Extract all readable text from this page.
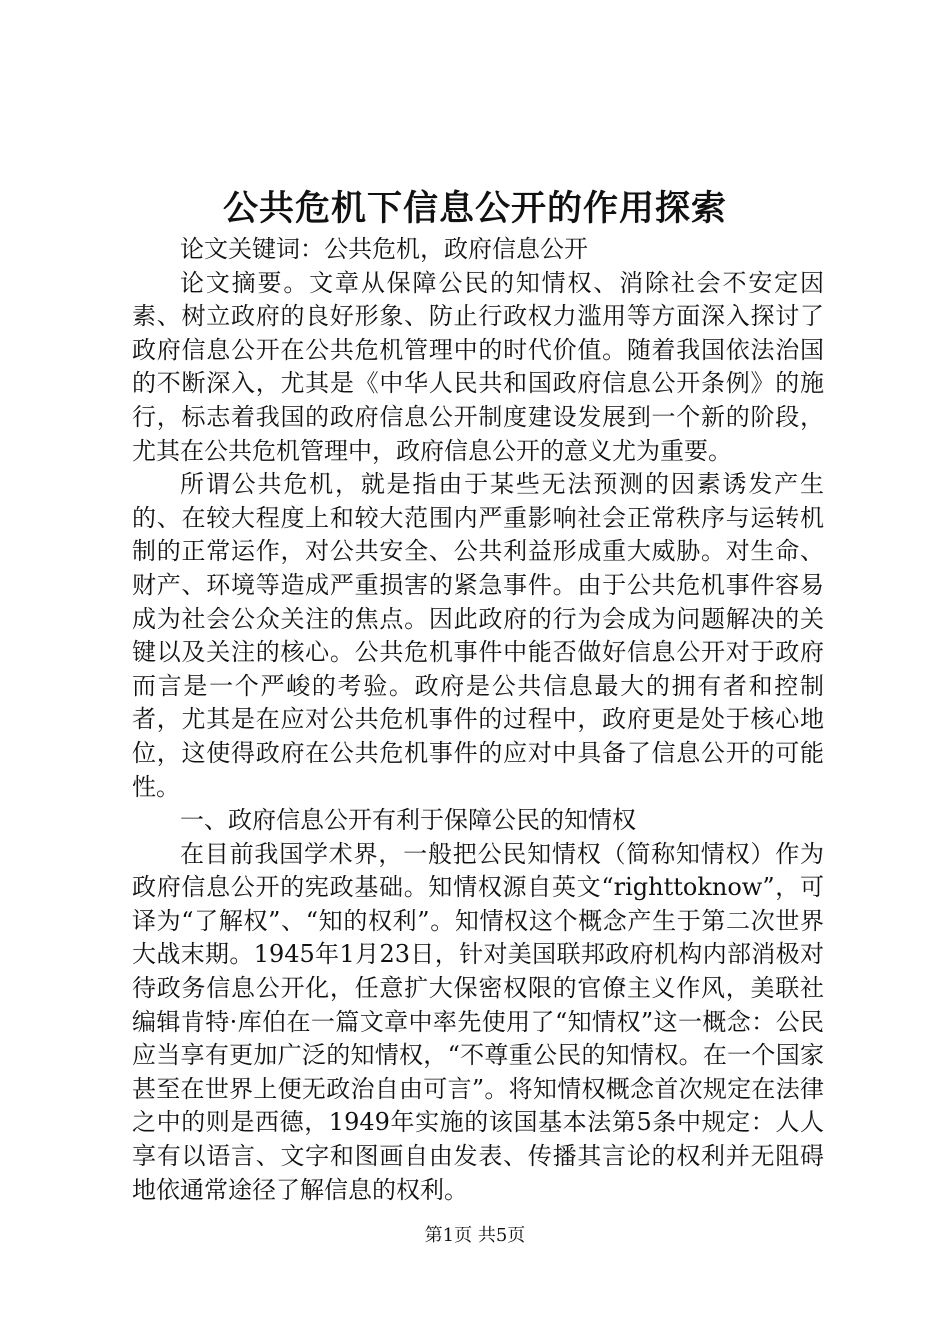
公共危机下信息公开的作用探索

论文关键词：公共危机，政府信息公开

论文摘要。文章从保障公民的知情权、消除社会不安定因素、树立政府的良好形象、防止行政权力滥用等方面深入探讨了政府信息公开在公共危机管理中的时代价值。随着我国依法治国的不断深入，尤其是《中华人民共和国政府信息公开条例》的施行，标志着我国的政府信息公开制度建设发展到一个新的阶段，尤其在公共危机管理中，政府信息公开的意义尤为重要。

所谓公共危机，就是指由于某些无法预测的因素诱发产生的、在较大程度上和较大范围内严重影响社会正常秩序与运转机制的正常运作，对公共安全、公共利益形成重大威胁。对生命、财产、环境等造成严重损害的紧急事件。由于公共危机事件容易成为社会公众关注的焦点。因此政府的行为会成为问题解决的关键以及关注的核心。公共危机事件中能否做好信息公开对于政府而言是一个严峻的考验。政府是公共信息最大的拥有者和控制者，尤其是在应对公共危机事件的过程中，政府更是处于核心地位，这使得政府在公共危机事件的应对中具备了信息公开的可能性。

一、政府信息公开有利于保障公民的知情权

在目前我国学术界，一般把公民知情权（简称知情权）作为政府信息公开的宪政基础。知情权源自英文“righttoknow”，可译为“了解权”、“知的权利”。知情权这个概念产生于第二次世界大战末期。1945年1月23日，针对美国联邦政府机构内部消极对待政务信息公开化，任意扩大保密权限的官僚主义作风，美联社编辑肯特·库伯在一篇文章中率先使用了“知情权”这一概念：公民应当享有更加广泛的知情权，“不尊重公民的知情权。在一个国家甚至在世界上便无政治自由可言”。将知情权概念首次规定在法律之中的则是西德，1949年实施的该国基本法第5条中规定：人人享有以语言、文字和图画自由发表、传播其言论的权利并无阻碍地依通常途径了解信息的权利。

第1页 共5页
